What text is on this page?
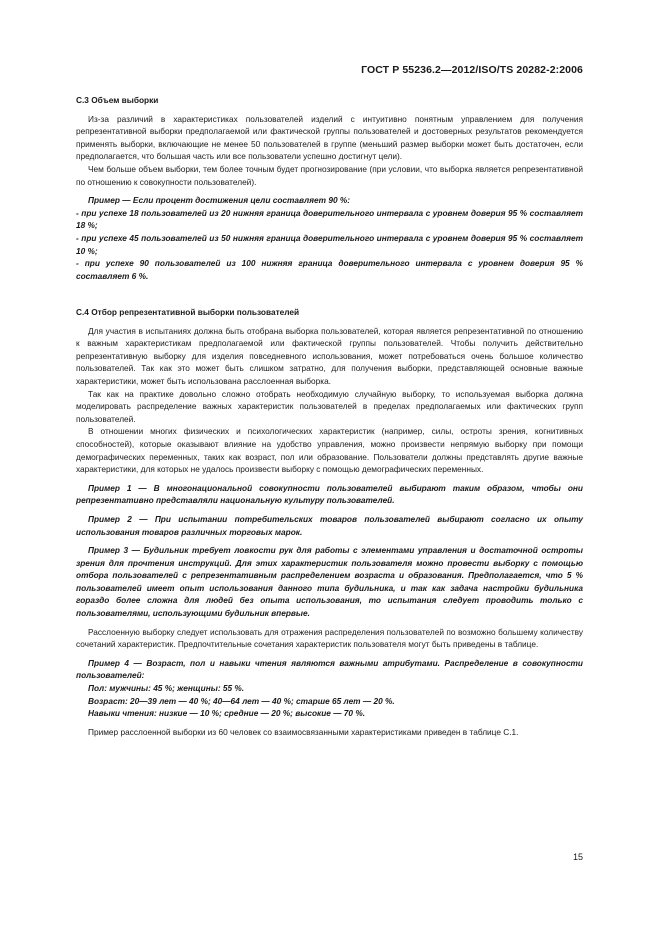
ГОСТ Р 55236.2—2012/ISO/TS 20282-2:2006
С.3 Объем выборки

Из-за различий в характеристиках пользователей изделий с интуитивно понятным управлением для получения репрезентативной выборки предполагаемой или фактической группы пользователей и достоверных результатов рекомендуется применять выборки, включающие не менее 50 пользователей в группе (меньший размер выборки может быть достаточен, если предполагается, что большая часть или все пользователи успешно достигнут цели).

Чем больше объем выборки, тем более точным будет прогнозирование (при условии, что выборка является репрезентативной по отношению к совокупности пользователей).

Пример — Если процент достижения цели составляет 90 %:
- при успехе 18 пользователей из 20 нижняя граница доверительного интервала с уровнем доверия 95 % составляет 18 %;
- при успехе 45 пользователей из 50 нижняя граница доверительного интервала с уровнем доверия 95 % составляет 10 %;
- при успехе 90 пользователей из 100 нижняя граница доверительного интервала с уровнем доверия 95 % составляет 6 %.
С.4 Отбор репрезентативной выборки пользователей

Для участия в испытаниях должна быть отобрана выборка пользователей, которая является репрезентативной по отношению к важным характеристикам предполагаемой или фактической группы пользователей. Чтобы получить действительно репрезентативную выборку для изделия повседневного использования, может потребоваться очень большое количество пользователей. Так как это может быть слишком затратно, для получения выборки, представляющей основные важные характеристики, может быть использована расслоенная выборка.

Так как на практике довольно сложно отобрать необходимую случайную выборку, то используемая выборка должна моделировать распределение важных характеристик пользователей в пределах предполагаемых или фактических групп пользователей.

В отношении многих физических и психологических характеристик (например, силы, остроты зрения, когнитивных способностей), которые оказывают влияние на удобство управления, можно произвести непрямую выборку при помощи демографических переменных, таких как возраст, пол или образование. Пользователи должны представлять другие важные характеристики, для которых не удалось произвести выборку с помощью демографических переменных.

Пример 1 — В многонациональной совокупности пользователей выбирают таким образом, чтобы они репрезентативно представляли национальную культуру пользователей.
Пример 2 — При испытании потребительских товаров пользователей выбирают согласно их опыту использования товаров различных торговых марок.
Пример 3 — Будильник требует ловкости рук для работы с элементами управления и достаточной остроты зрения для прочтения инструкций. Для этих характеристик пользователя можно провести выборку с помощью отбора пользователей с репрезентативным распределением возраста и образования. Предполагается, что 5 % пользователей имеет опыт использования данного типа будильника, и так как задача настройки будильника гораздо более сложна для людей без опыта использования, то испытания следует проводить только с пользователями, использующими будильник впервые.

Расслоенную выборку следует использовать для отражения распределения пользователей по возможно большему количеству сочетаний характеристик. Предпочтительные сочетания характеристик пользователя могут быть приведены в таблице.

Пример 4 — Возраст, пол и навыки чтения являются важными атрибутами. Распределение в совокупности пользователей:
Пол: мужчины: 45 %; женщины: 55 %.
Возраст: 20—39 лет — 40 %; 40—64 лет — 40 %; старше 65 лет — 20 %.
Навыки чтения: низкие — 10 %; средние — 20 %; высокие — 70 %.

Пример расслоенной выборки из 60 человек со взаимосвязанными характеристиками приведен в таблице С.1.

15
